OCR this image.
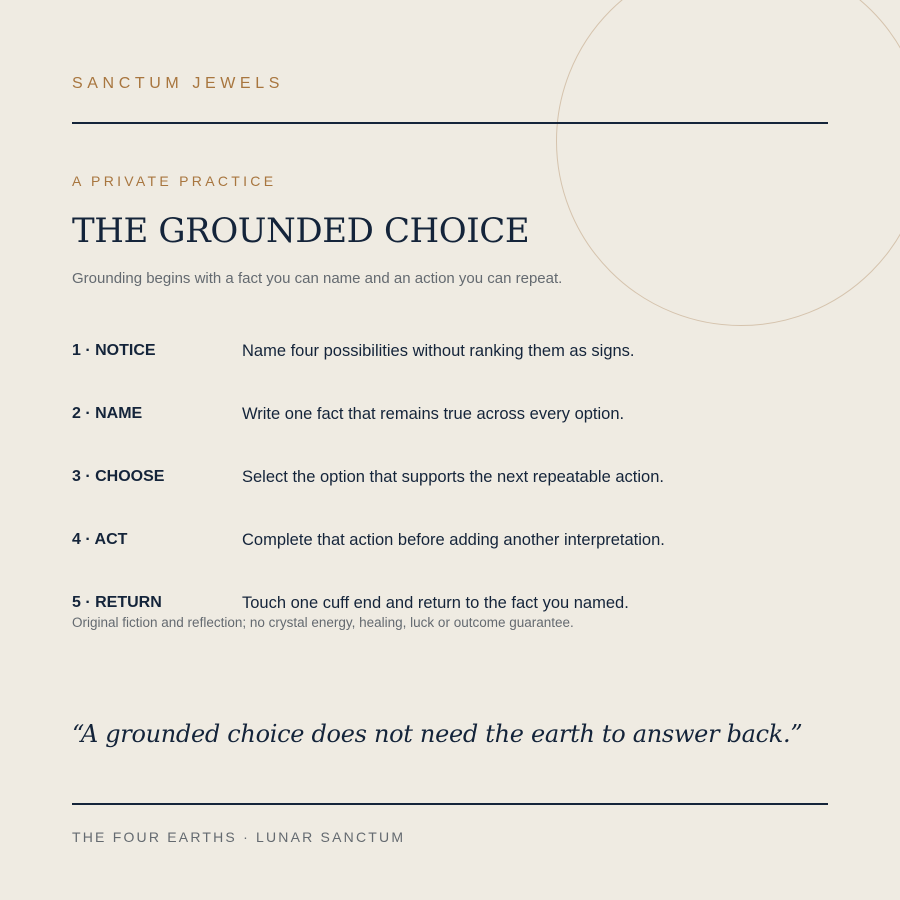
SANCTUM JEWELS
A PRIVATE PRACTICE
THE GROUNDED CHOICE
Grounding begins with a fact you can name and an action you can repeat.
1 · NOTICE	Name four possibilities without ranking them as signs.
2 · NAME	Write one fact that remains true across every option.
3 · CHOOSE	Select the option that supports the next repeatable action.
4 · ACT	Complete that action before adding another interpretation.
5 · RETURN	Touch one cuff end and return to the fact you named.
Original fiction and reflection; no crystal energy, healing, luck or outcome guarantee.
“A grounded choice does not need the earth to answer back.”
THE FOUR EARTHS · LUNAR SANCTUM
